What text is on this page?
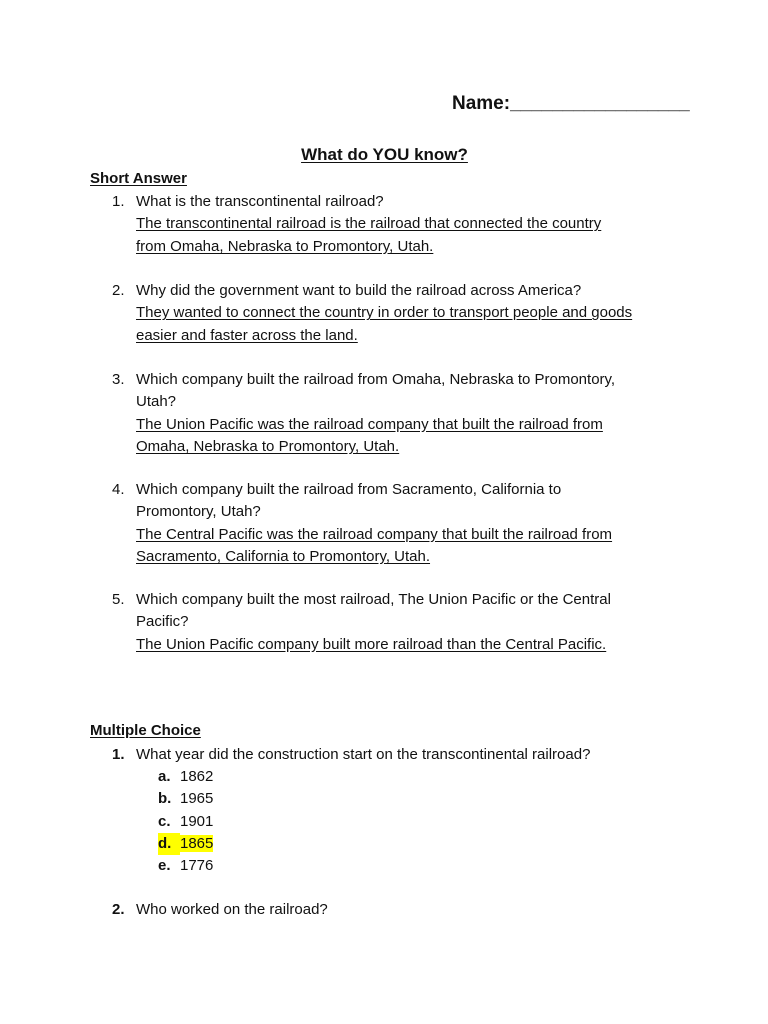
Name:_________________
What do YOU know?
Short Answer
1. What is the transcontinental railroad?
The transcontinental railroad is the railroad that connected the country
from Omaha, Nebraska to Promontory, Utah.
2. Why did the government want to build the railroad across America?
They wanted to connect the country in order to transport people and goods
easier and faster across the land.
3. Which company built the railroad from Omaha, Nebraska to Promontory,
Utah?
The Union Pacific was the railroad company that built the railroad from
Omaha, Nebraska to Promontory, Utah.
4. Which company built the railroad from Sacramento, California to
Promontory, Utah?
The Central Pacific was the railroad company that built the railroad from
Sacramento, California to Promontory, Utah.
5. Which company built the most railroad, The Union Pacific or the Central
Pacific?
The Union Pacific company built more railroad than the Central Pacific.
Multiple Choice
1. What year did the construction start on the transcontinental railroad?
a. 1862
b. 1965
c. 1901
d. 1865
e. 1776
2. Who worked on the railroad?
